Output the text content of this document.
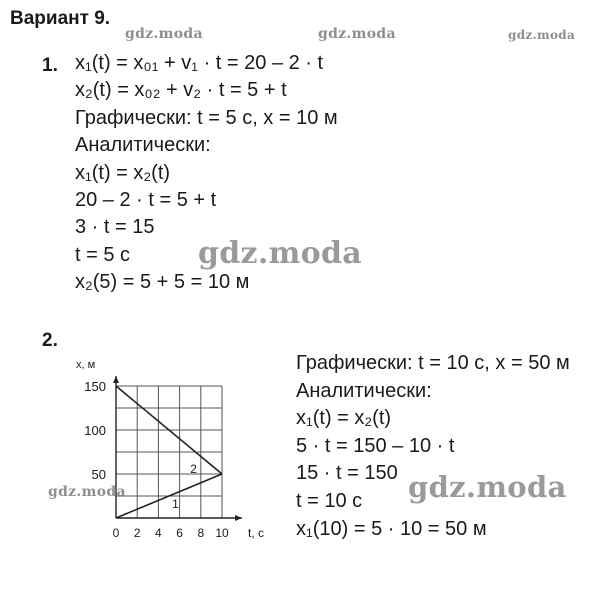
Вариант 9.
gdz.moda	gdz.moda	gdz.moda
1. x₁(t) = x₀₁ + v₁ · t = 20 – 2 · t
x₂(t) = x₀₂ + v₂ · t = 5 + t
Графически: t = 5 с, x = 10 м
Аналитически:
x₁(t) = x₂(t)
20 – 2 · t = 5 + t
3 · t = 15
t = 5 с
x₂(5) = 5 + 5 = 10 м
gdz.moda
2.
x, м
t, c
0 2 4 6 8 10
50
100
150
1
2
Графически: t = 10 с, x = 50 м
Аналитически:
x₁(t) = x₂(t)
5 · t = 150 – 10 · t
15 · t = 150
t = 10 с
x₁(10) = 5 · 10 = 50 м
gdz.moda	gdz.moda
